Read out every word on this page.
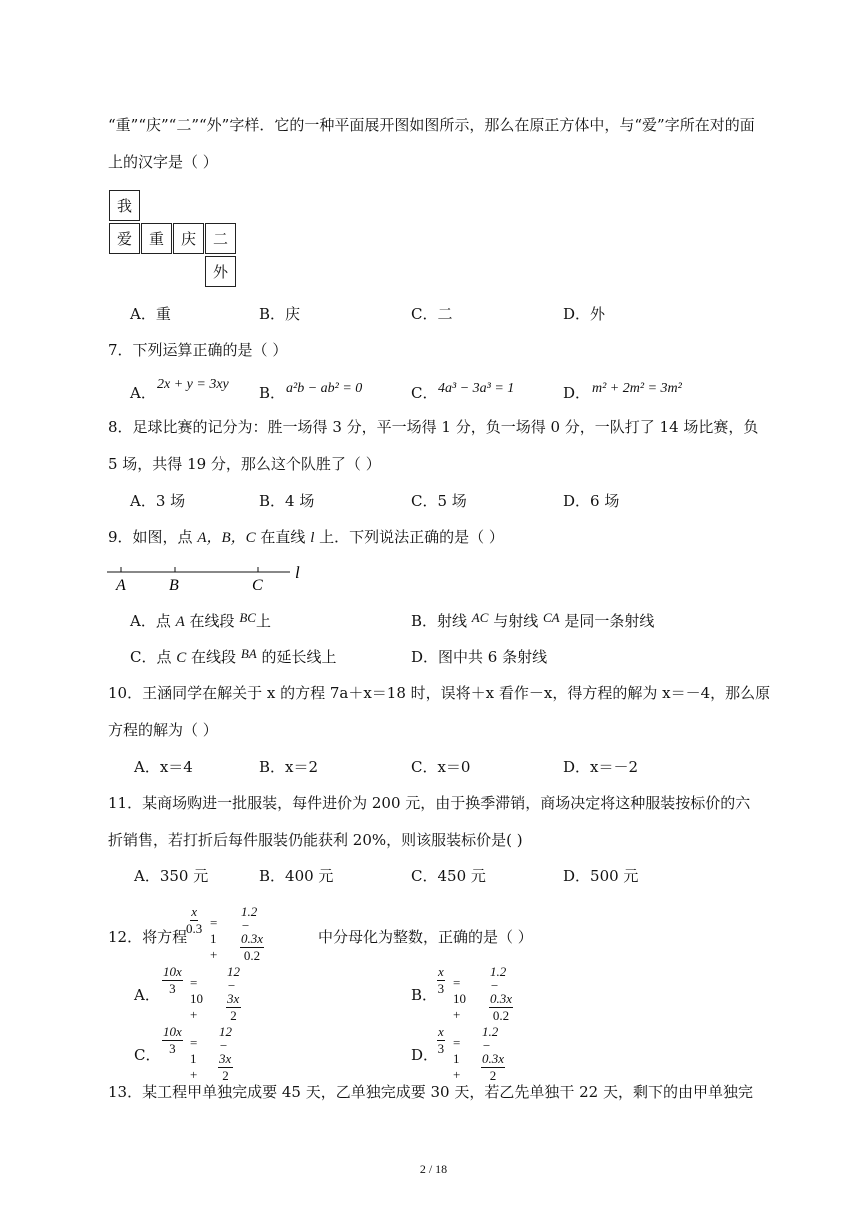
“重”“庆”“二”“外”字样．它的一种平面展开图如图所示，那么在原正方体中，与“爱”字所在对的面
上的汉字是（ ）
我
爱	重	庆	二
外
A．重	B．庆	C．二	D．外
7．下列运算正确的是（ ）
A． 2x + y = 3xy B． a²b − ab² = 0	C． 4a³ − 3a³ = 1	D． m² + 2m² = 3m²
8．足球比赛的记分为：胜一场得 3 分，平一场得 1 分，负一场得 0 分，一队打了 14 场比赛，负
5 场，共得 19 分，那么这个队胜了（ ）
A．3 场	B．4 场	C．5 场	D．6 场
9．如图，点 A，B，C 在直线 l 上．下列说法正确的是（ ）
A	B	C
l
A．点 A 在线段 BC上	B．射线 AC 与射线 CA 是同一条射线
C．点 C 在线段 BA 的延长线上	D．图中共 6 条射线
10．王涵同学在解关于 x 的方程 7a＋x＝18 时，误将＋x 看作－x，得方程的解为 x＝－4，那么原
方程的解为（ ）
A．x＝4	B．x＝2	C．x＝0	D．x＝－2
11．某商场购进一批服装，每件进价为 200 元，由于换季滞销，商场决定将这种服装按标价的六
折销售，若打折后每件服装仍能获利 20%，则该服装标价是( )
A．350 元	B．400 元	C．450 元	D．500 元
12．将方程
$\frac{x}{0.3} = 1 + \frac{1.2 - 0.3x}{0.2}$	中分母化为整数，正确的是（ ）
A． $\frac{10x}{3} = 10$ +	$\frac{12 - 3x}{2}$	B． $\frac{x}{3} = 10$ +	$\frac{1.2 - 0.3x}{0.2}$
C． $\frac{10x}{3} = 1 + \frac{12 - 3x}{2}$	D．
$\frac{x}{3} = 1 + \frac{1.2 - 0.3x}{2}$
13．某工程甲单独完成要 45 天，乙单独完成要 30 天，若乙先单独干 22 天，剩下的由甲单独完
2 / 18
